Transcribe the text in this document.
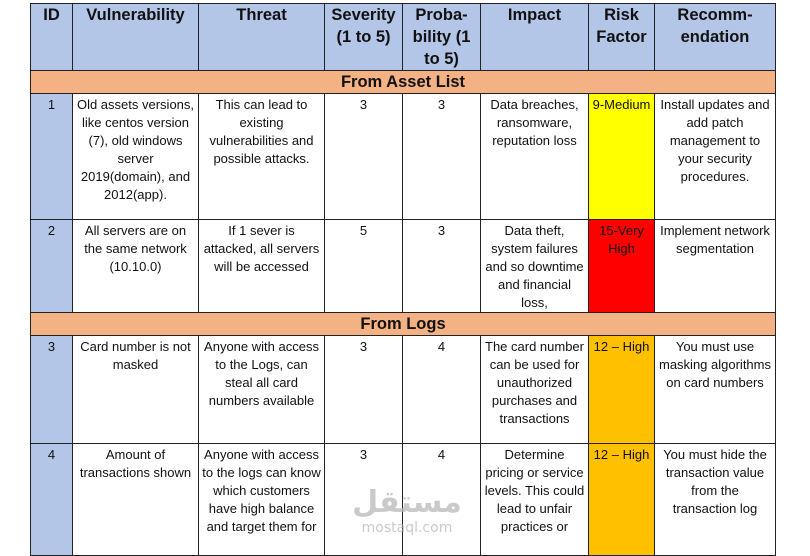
ID	Vulnerability	Threat	Severity (1 to 5)	Proba-bility (1 to 5)	Impact	Risk Factor	Recomm-endation
From Asset List							
1	Old assets versions, like centos version (7), old windows server 2019(domain), and 2012(app).	This can lead to existing vulnerabilities and possible attacks.	3	3	Data breaches, ransomware, reputation loss	9-Medium	Install updates and add patch management to your security procedures.
2	All servers are on the same network (10.10.0)	If 1 sever is attacked, all servers will be accessed	5	3	Data theft, system failures and so downtime and financial loss,	15-Very High	Implement network segmentation
From Logs							
3	Card number is not masked	Anyone with access to the Logs, can steal all card numbers available	3	4	The card number can be used for unauthorized purchases and transactions	12 – High	You must use masking algorithms on card numbers
4	Amount of transactions shown	Anyone with access to the logs can know which customers have high balance and target them for	3	4	Determine pricing or service levels. This could lead to unfair practices or	12 – High	You must hide the transaction value from the transaction log
مستقل
mostaql.com
